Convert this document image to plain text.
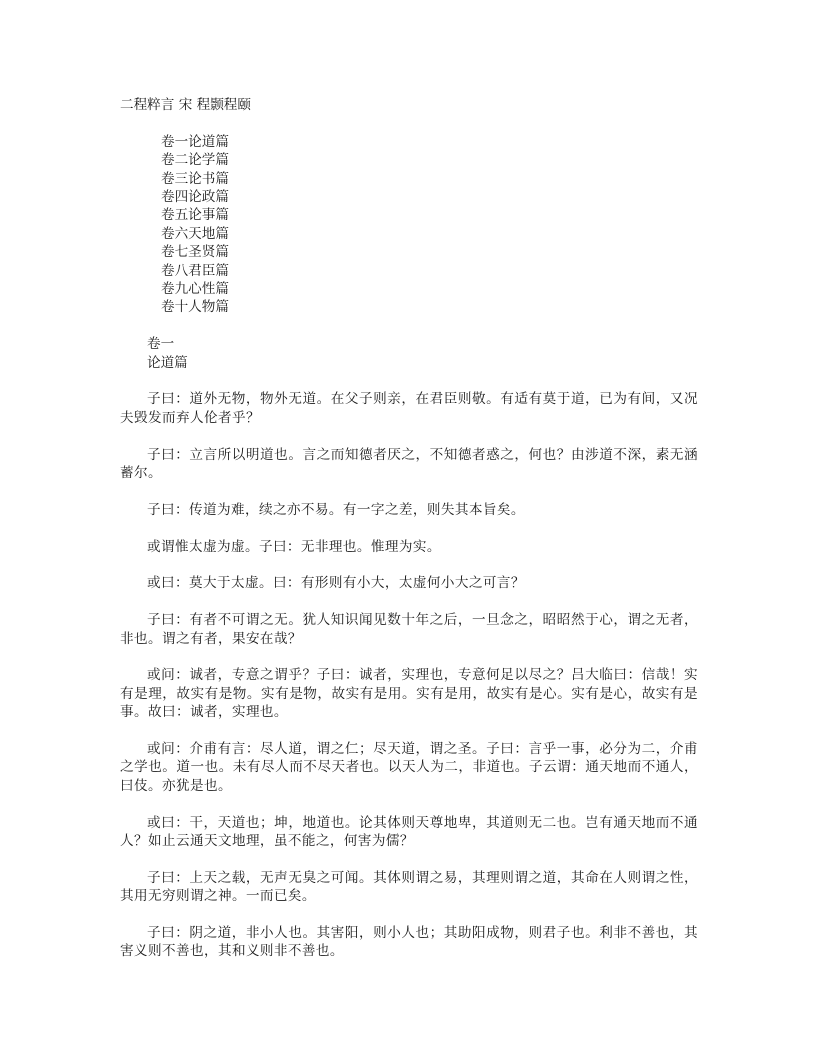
二程粹言 宋 程颢程颐
卷一论道篇
卷二论学篇
卷三论书篇
卷四论政篇
卷五论事篇
卷六天地篇
卷七圣贤篇
卷八君臣篇
卷九心性篇
卷十人物篇
卷一
论道篇

子曰：道外无物，物外无道。在父子则亲，在君臣则敬。有适有莫于道，已为有间，又况夫毁发而弃人伦者乎？

子曰：立言所以明道也。言之而知德者厌之，不知德者惑之，何也？由涉道不深，素无涵蓄尔。

子曰：传道为难，续之亦不易。有一字之差，则失其本旨矣。

或谓惟太虚为虚。子曰：无非理也。惟理为实。

或曰：莫大于太虚。曰：有形则有小大，太虚何小大之可言？

子曰：有者不可谓之无。犹人知识闻见数十年之后，一旦念之，昭昭然于心，谓之无者，非也。谓之有者，果安在哉？

或问：诚者，专意之谓乎？子曰：诚者，实理也，专意何足以尽之？吕大临曰：信哉！实有是理，故实有是物。实有是物，故实有是用。实有是用，故实有是心。实有是心，故实有是事。故曰：诚者，实理也。

或问：介甫有言：尽人道，谓之仁；尽天道，谓之圣。子曰：言乎一事，必分为二，介甫之学也。道一也。未有尽人而不尽天者也。以天人为二，非道也。子云谓：通天地而不通人，曰伎。亦犹是也。

或曰：干，天道也；坤，地道也。论其体则天尊地卑，其道则无二也。岂有通天地而不通人？如止云通天文地理，虽不能之，何害为儒？

子曰：上天之载，无声无臭之可闻。其体则谓之易，其理则谓之道，其命在人则谓之性，其用无穷则谓之神。一而已矣。

子曰：阴之道，非小人也。其害阳，则小人也；其助阳成物，则君子也。利非不善也，其害义则不善也，其和义则非不善也。
